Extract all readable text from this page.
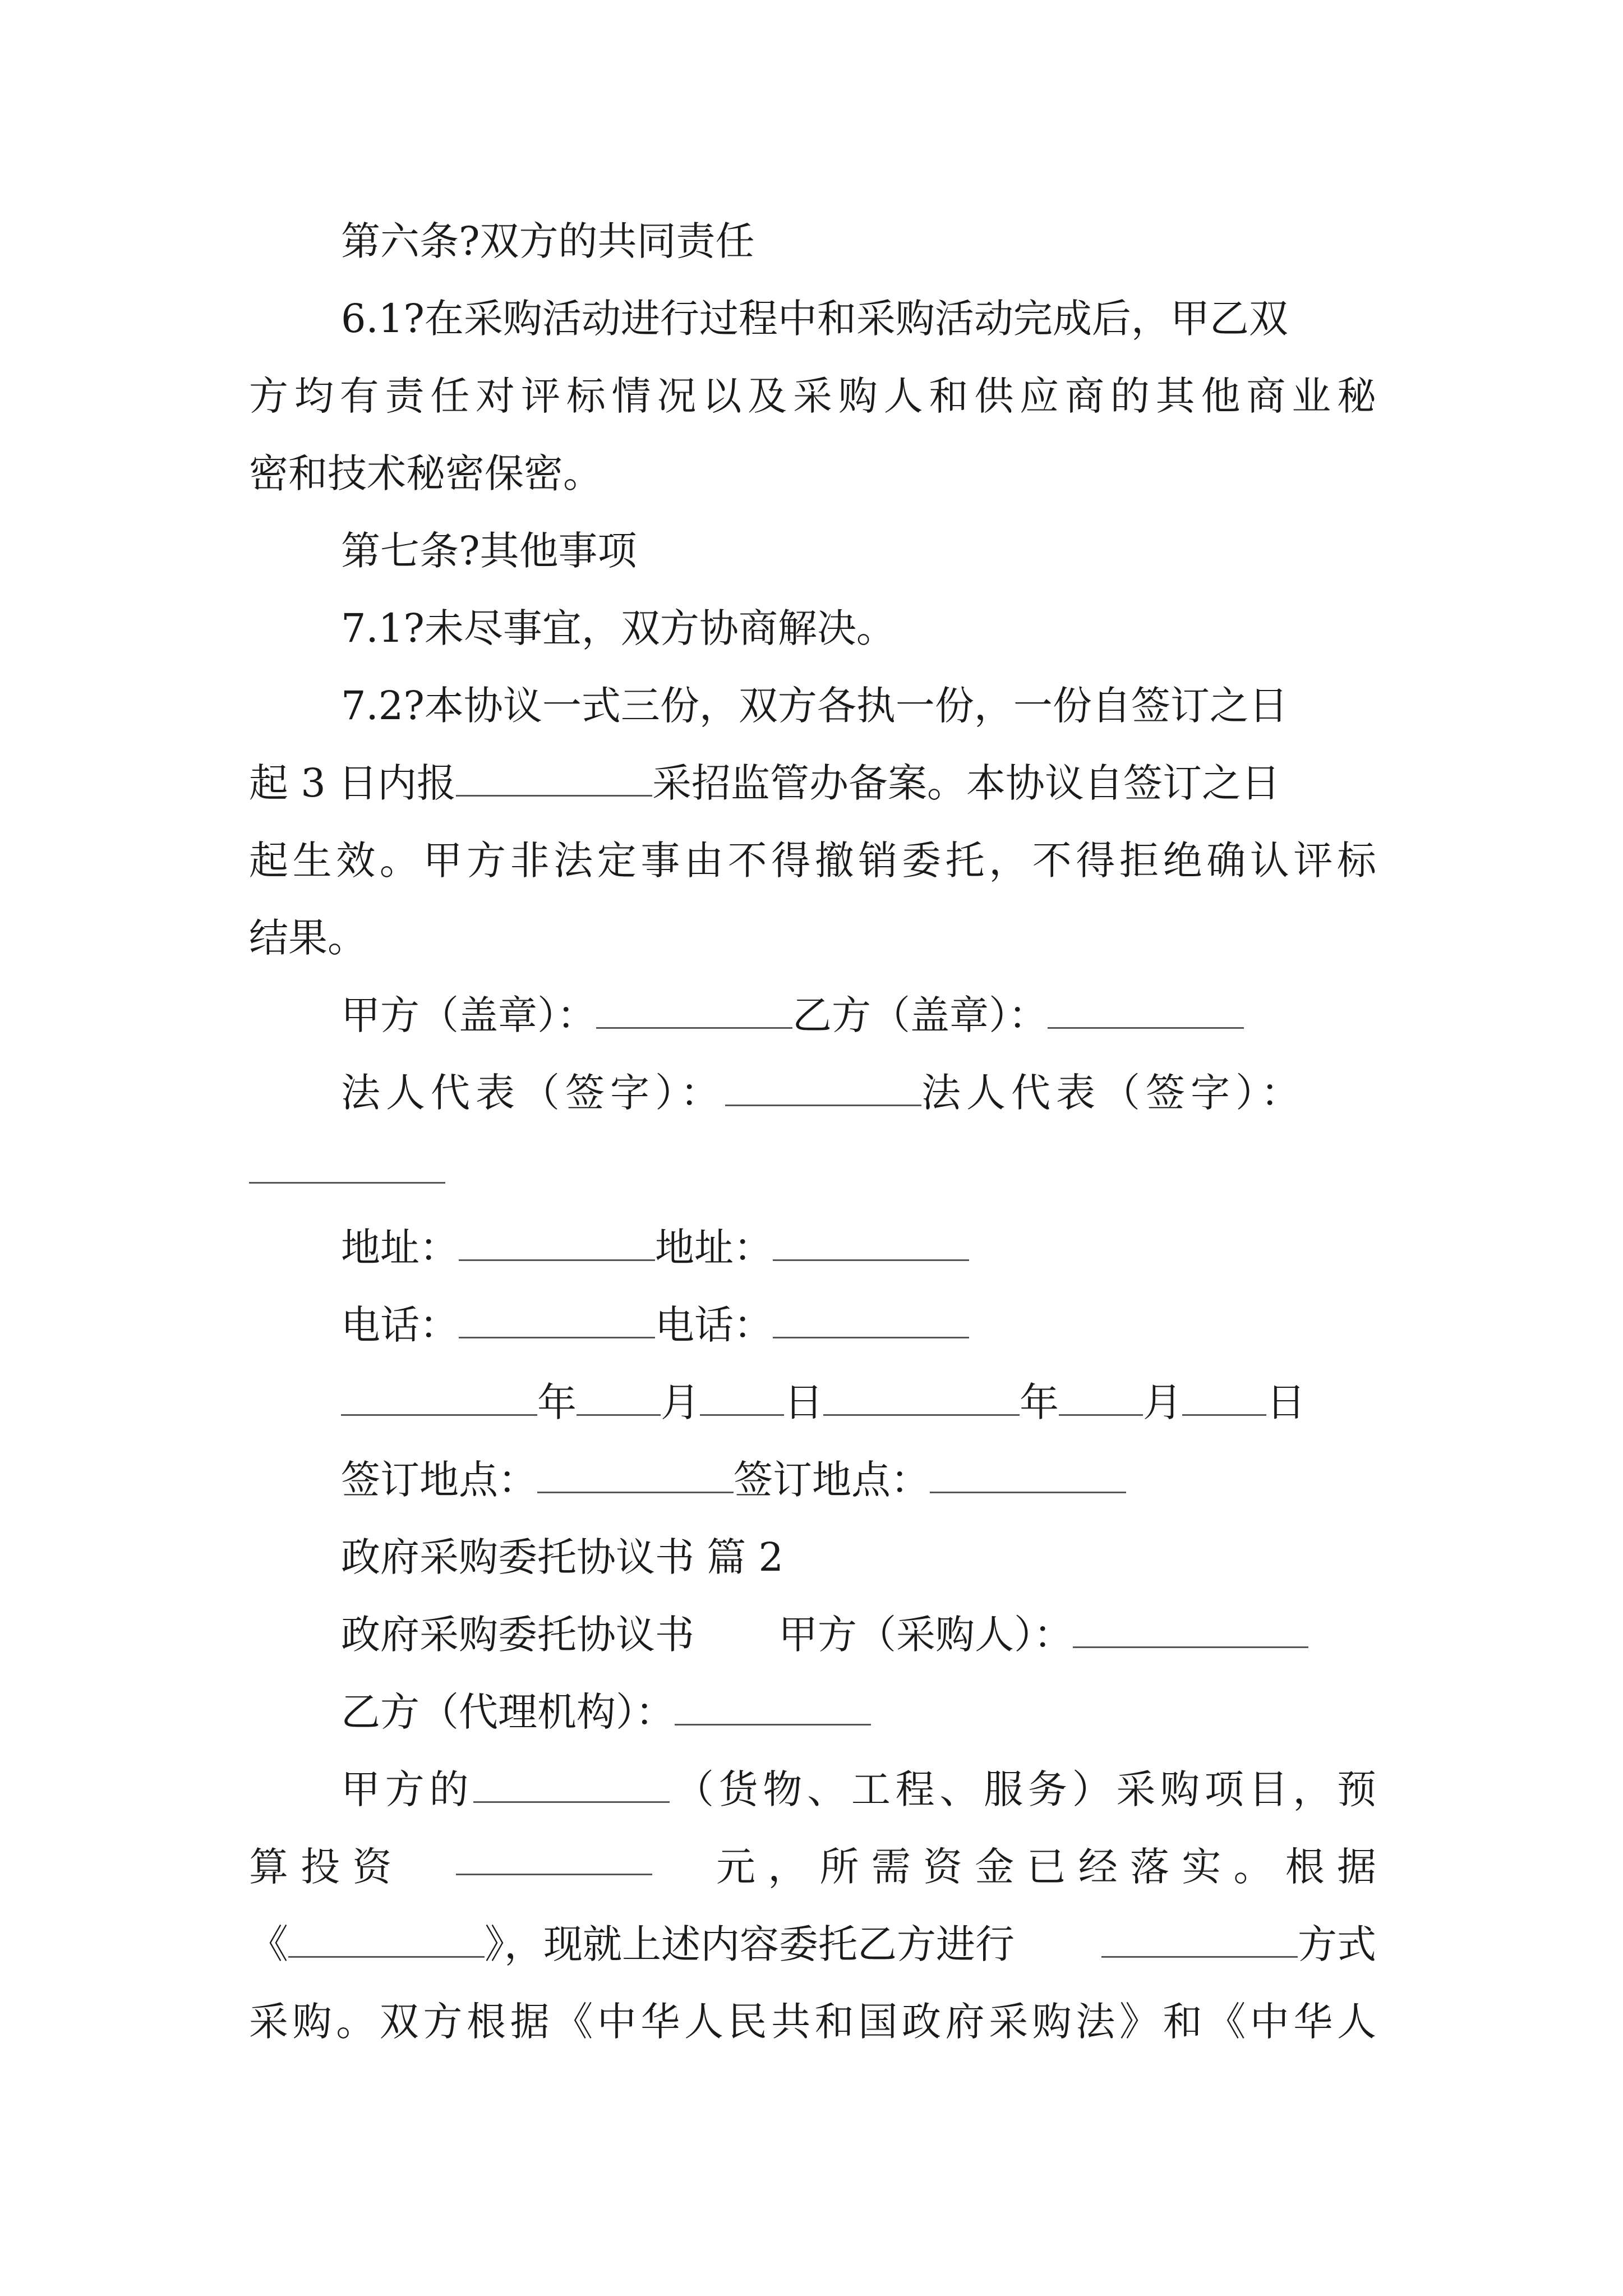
第六条?双方的共同责任
6.1?在采购活动进行过程中和采购活动完成后，甲乙双
方均有责任对评标情况以及采购人和供应商的其他商业秘
密和技术秘密保密。
第七条?其他事项
7.1?未尽事宜，双方协商解决。
7.2?本协议一式三份，双方各执一份，一份自签订之日
起 3 日内报	采招监管办备案。本协议自签订之日
起生效。甲方非法定事由不得撤销委托，不得拒绝确认评标
结果。
甲方（盖章）：	乙方（盖章）：
法人代表（签字）：	法人代表（签字）：
地址：	地址：
电话：	电话：
年 月 日	年 月 日
签订地点：	签订地点：
政府采购委托协议书 篇 2
政府采购委托协议书 甲方（采购人）：
乙方（代理机构）：
甲方的	（货物、工程、服务）采购项目，预
算 投 资	元 ， 所 需 资 金 已 经 落 实 。 根 据
《	》，现就上述内容委托乙方进行	方式
采购。双方根据《中华人民共和国政府采购法》和《中华人
